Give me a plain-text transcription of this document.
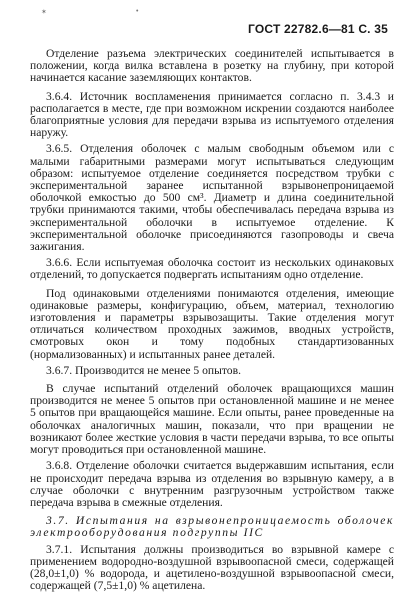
✶	•
ГОСТ 22782.6—81 С. 35

Отделение разъема электрических соединителей испытывается в положении, когда вилка вставлена в розетку на глубину, при которой начинается касание заземляющих контактов.

3.6.4. Источник воспламенения принимается согласно п. 3.4.3 и располагается в месте, где при возможном искрении создаются наиболее благоприятные условия для передачи взрыва из испытуемого отделения наружу.

3.6.5. Отделения оболочек с малым свободным объемом или с малыми габаритными размерами могут испытываться следующим образом: испытуемое отделение соединяется посредством трубки с экспериментальной заранее испытанной взрывонепроницаемой оболочкой емкостью до 500 см³. Диаметр и длина соединительной трубки принимаются такими, чтобы обеспечивалась передача взрыва из экспериментальной оболочки в испытуемое отделение. К экспериментальной оболочке присоединяются газопроводы и свеча зажигания.

3.6.6. Если испытуемая оболочка состоит из нескольких одинаковых отделений, то допускается подвергать испытаниям одно отделение.

Под одинаковыми отделениями понимаются отделения, имеющие одинаковые размеры, конфигурацию, объем, материал, технологию изготовления и параметры взрывозащиты. Такие отделения могут отличаться количеством проходных зажимов, вводных устройств, смотровых окон и тому подобных стандартизованных (нормализованных) и испытанных ранее деталей.

3.6.7. Производится не менее 5 опытов.

В случае испытаний отделений оболочек вращающихся машин производится не менее 5 опытов при остановленной машине и не менее 5 опытов при вращающейся машине. Если опыты, ранее проведенные на оболочках аналогичных машин, показали, что при вращении не возникают более жесткие условия в части передачи взрыва, то все опыты могут проводиться при остановленной машине.

3.6.8. Отделение оболочки считается выдержавшим испытания, если не происходит передача взрыва из отделения во взрывную камеру, а в случае оболочки с внутренним разгрузочным устройством также передача взрыва в смежные отделения.

3.7. Испытания на взрывонепроницаемость оболочек электрооборудования подгруппы IIC

3.7.1. Испытания должны производиться во взрывной камере с применением водородно-воздушной взрывоопасной смеси, содержащей (28,0±1,0) % водорода, и ацетилено-воздушной взрывоопасной смеси, содержащей (7,5±1,0) % ацетилена.
